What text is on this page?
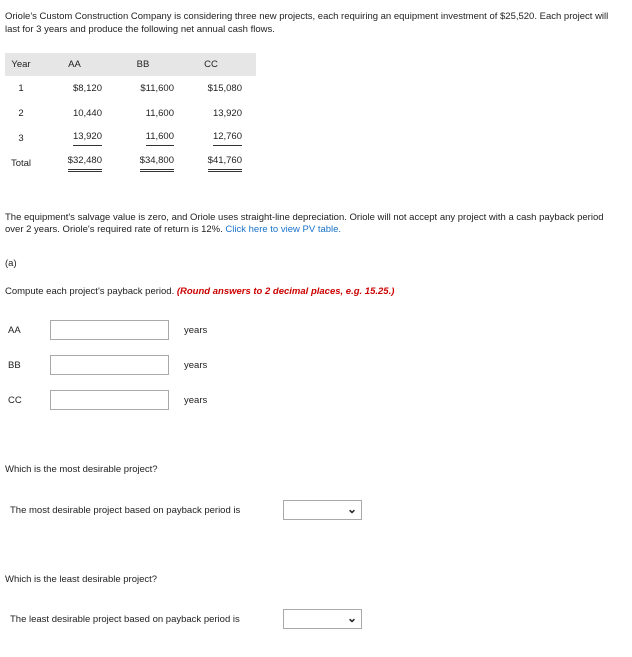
Oriole's Custom Construction Company is considering three new projects, each requiring an equipment investment of $25,520. Each project will last for 3 years and produce the following net annual cash flows.
Year	AA	BB	CC
1	$8,120	$11,600	$15,080
2	10,440	11,600	13,920
3	13,920	11,600	12,760
Total	$32,480	$34,800	$41,760
The equipment's salvage value is zero, and Oriole uses straight-line depreciation. Oriole will not accept any project with a cash payback period over 2 years. Oriole's required rate of return is 12%. Click here to view PV table.
(a)
Compute each project's payback period. (Round answers to 2 decimal places, e.g. 15.25.)
AA	years
BB	years
CC	years
Which is the most desirable project?
The most desirable project based on payback period is	⌄
Which is the least desirable project?
The least desirable project based on payback period is	⌄
